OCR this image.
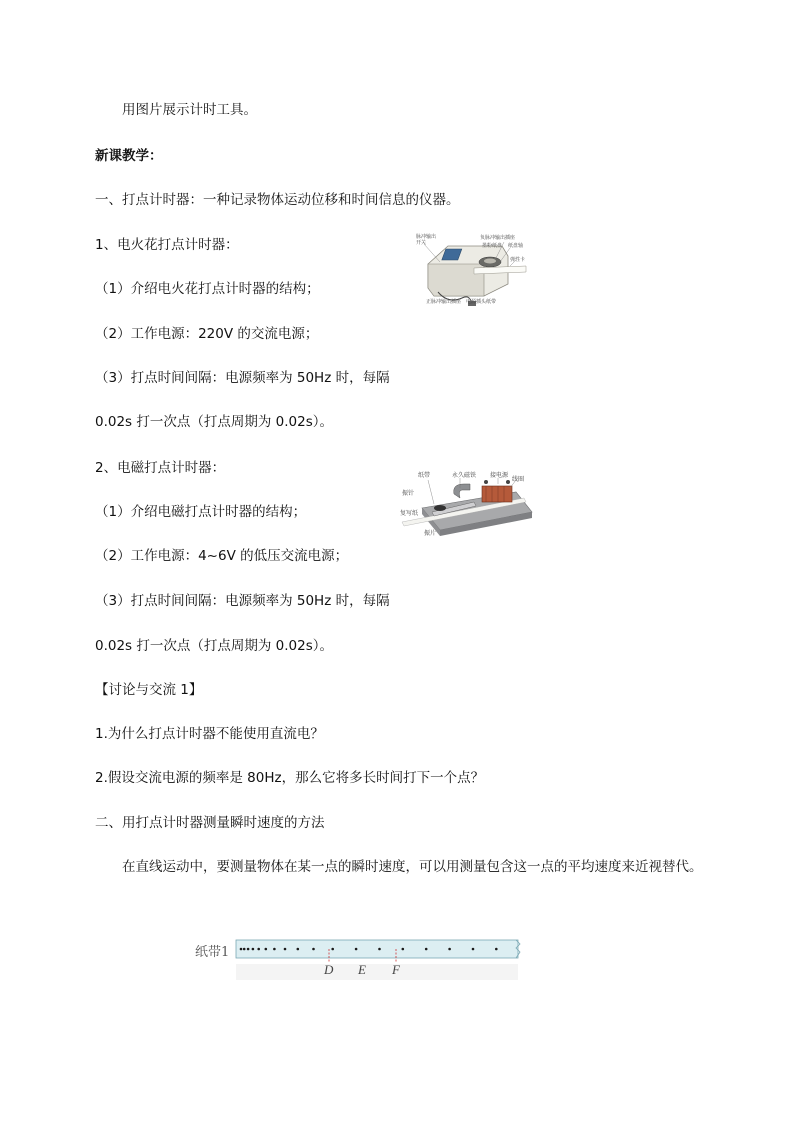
用图片展示计时工具。
新课教学：
一、打点计时器：一种记录物体运动位移和时间信息的仪器。
1、电火花打点计时器：
（1）介绍电火花打点计时器的结构；
（2）工作电源：220V 的交流电源；
（3）打点时间间隔：电源频率为 50Hz 时，每隔
0.02s 打一次点（打点周期为 0.02s）。
2、电磁打点计时器：
（1）介绍电磁打点计时器的结构；
（2）工作电源：4~6V 的低压交流电源；
（3）打点时间间隔：电源频率为 50Hz 时，每隔
0.02s 打一次点（打点周期为 0.02s）。
【讨论与交流 1】
1.为什么打点计时器不能使用直流电？
2.假设交流电源的频率是 80Hz，那么它将多长时间打下一个点？
二、用打点计时器测量瞬时速度的方法
在直线运动中，要测量物体在某一点的瞬时速度，可以用测量包含这一点的平均速度来近视替代。
脉冲输出开关
负脉冲输出插座
墨粉纸盘 纸盘轴
弹性卡
正脉冲输出插座 电源插头 纸带
纸带	永久磁铁 接电源
线圈
振针
复写纸
振片
纸带1
D E F
